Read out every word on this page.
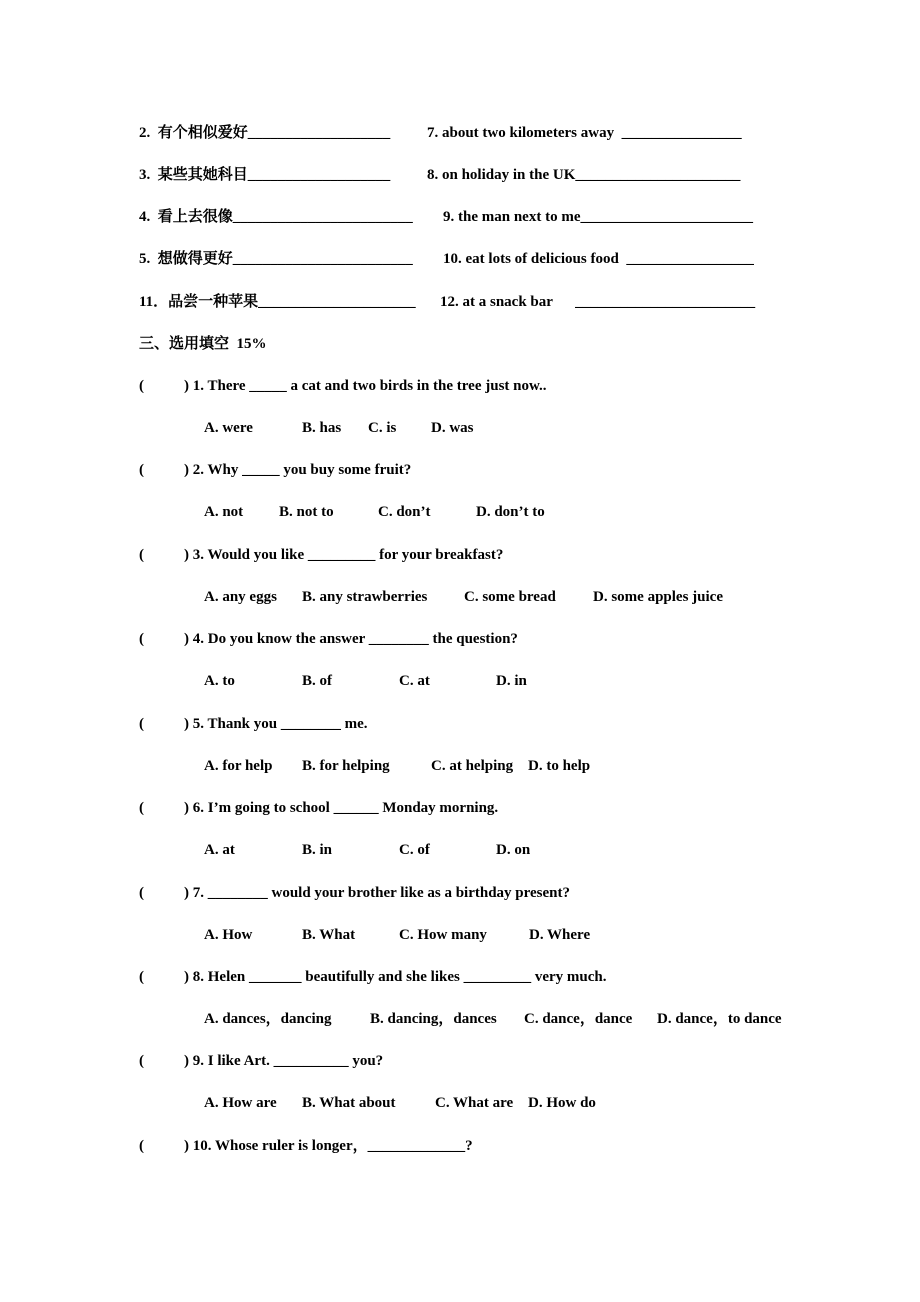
2.  有个相似爱好___________________ 7. about two kilometers away  ________________
3.  某些其她科目___________________ 8. on holiday in the UK______________________
4.  看上去很像________________________ 9. the man next to me_______________________
5.  想做得更好________________________ 10. eat lots of delicious food  _________________
11．品尝一种苹果_____________________ 12. at a snack bar      ________________________
三、选用填空  15%
(	) 1. There _____ a cat and two birds in the tree just now..
A. were	B. has C. is D. was
(	) 2. Why _____ you buy some fruit?
A. not B. not to	C. don’t	D. don’t to
(	) 3. Would you like _________ for your breakfast?
A. any eggs B. any strawberries C. some bread D. some apples juice
(	) 4. Do you know the answer ________ the question?
A. to	B. of	C. at	D. in
(	) 5. Thank you ________ me.
A. for help B. for helping	C. at helping D. to help
(	) 6. I’m going to school ______ Monday morning.
A. at	B. in	C. of	D. on
(	) 7. ________ would your brother like as a birthday present?
A. How	B. What	C. How many	D. Where
(	) 8. Helen _______ beautifully and she likes _________ very much.
A. dances，dancing	B. dancing，dances C. dance，dance D. dance，to dance
(	) 9. I like Art. __________ you?
A. How are B. What about	C. What are D. How do
(	) 10. Whose ruler is longer，_____________?
